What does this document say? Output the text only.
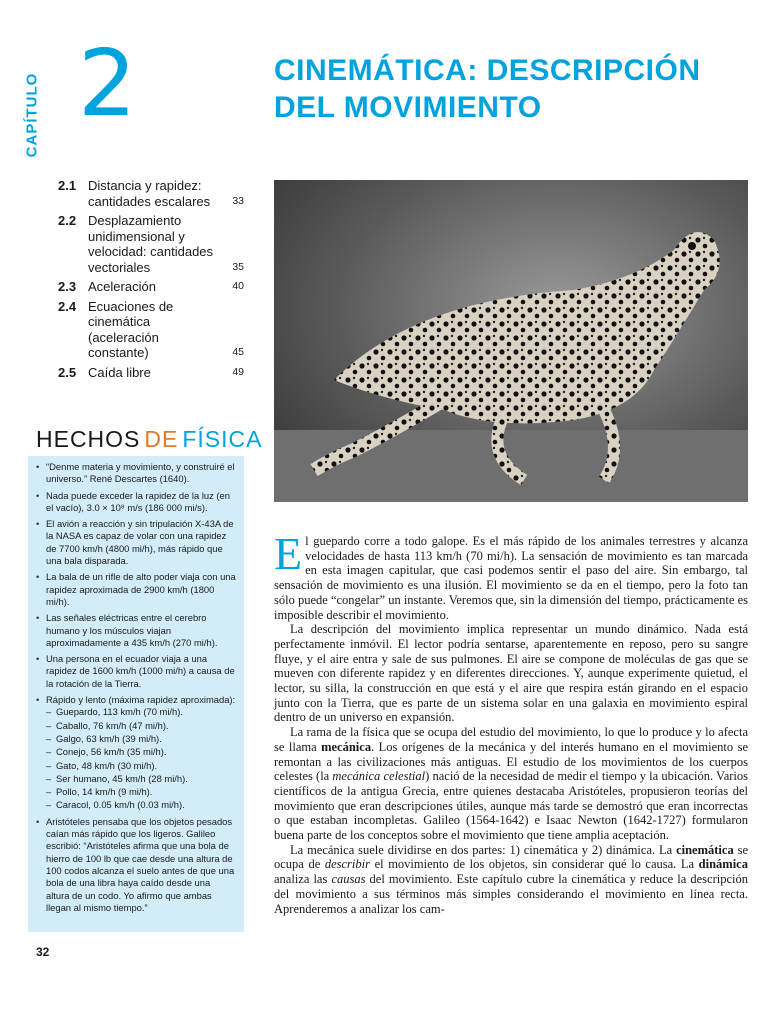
CAPÍTULO 2	CINEMÁTICA: DESCRIPCIÓN
DEL MOVIMIENTO
2.1 Distancia y rapidez: cantidades escalares	33
2.2 Desplazamiento unidimensional y velocidad: cantidades vectoriales	35
2.3 Aceleración	40
2.4 Ecuaciones de cinemática (aceleración constante)	45
2.5 Caída libre	49
HECHOS DE FÍSICA
• “Denme materia y movimiento, y construiré el universo.” René Descartes (1640).
• Nada puede exceder la rapidez de la luz (en el vacío), 3.0 × 10⁸ m/s (186 000 mi/s).
• El avión a reacción y sin tripulación X-43A de la NASA es capaz de volar con una rapidez de 7700 km/h (4800 mi/h), más rápido que una bala disparada.
• La bala de un rifle de alto poder viaja con una rapidez aproximada de 2900 km/h (1800 mi/h).
• Las señales eléctricas entre el cerebro humano y los músculos viajan aproximadamente a 435 km/h (270 mi/h).
• Una persona en el ecuador viaja a una rapidez de 1600 km/h (1000 mi/h) a causa de la rotación de la Tierra.
• Rápido y lento (máxima rapidez aproximada):
– Guepardo, 113 km/h (70 mi/h).
– Caballo, 76 km/h (47 mi/h).
– Galgo, 63 km/h (39 mi/h).
– Conejo, 56 km/h (35 mi/h).
– Gato, 48 km/h (30 mi/h).
– Ser humano, 45 km/h (28 mi/h).
– Pollo, 14 km/h (9 mi/h).
– Caracol, 0.05 km/h (0.03 mi/h).
• Aristóteles pensaba que los objetos pesados caían más rápido que los ligeros. Galileo escribió: “Aristóteles afirma que una bola de hierro de 100 lb que cae desde una altura de 100 codos alcanza el suelo antes de que una bola de una libra haya caído desde una altura de un codo. Yo afirmo que ambas llegan al mismo tiempo.”
32

El guepardo corre a todo galope. Es el más rápido de los animales terrestres y alcanza velocidades de hasta 113 km/h (70 mi/h). La sensación de movimiento es tan marcada en esta imagen capitular, que casi podemos sentir el paso del aire. Sin embargo, tal sensación de movimiento es una ilusión. El movimiento se da en el tiempo, pero la foto tan sólo puede “congelar” un instante. Veremos que, sin la dimensión del tiempo, prácticamente es imposible describir el movimiento.

La descripción del movimiento implica representar un mundo dinámico. Nada está perfectamente inmóvil. El lector podría sentarse, aparentemente en reposo, pero su sangre fluye, y el aire entra y sale de sus pulmones. El aire se compone de moléculas de gas que se mueven con diferente rapidez y en diferentes direcciones. Y, aunque experimente quietud, el lector, su silla, la construcción en que está y el aire que respira están girando en el espacio junto con la Tierra, que es parte de un sistema solar en una galaxia en movimiento espiral dentro de un universo en expansión.

La rama de la física que se ocupa del estudio del movimiento, lo que lo produce y lo afecta se llama mecánica. Los orígenes de la mecánica y del interés humano en el movimiento se remontan a las civilizaciones más antiguas. El estudio de los movimientos de los cuerpos celestes (la mecánica celestial) nació de la necesidad de medir el tiempo y la ubicación. Varios científicos de la antigua Grecia, entre quienes destacaba Aristóteles, propusieron teorías del movimiento que eran descripciones útiles, aunque más tarde se demostró que eran incorrectas o que estaban incompletas. Galileo (1564-1642) e Isaac Newton (1642-1727) formularon buena parte de los conceptos sobre el movimiento que tiene amplia aceptación.

La mecánica suele dividirse en dos partes: 1) cinemática y 2) dinámica. La cinemática se ocupa de describir el movimiento de los objetos, sin considerar qué lo causa. La dinámica analiza las causas del movimiento. Este capítulo cubre la cinemática y reduce la descripción del movimiento a sus términos más simples considerando el movimiento en línea recta. Aprenderemos a analizar los cam-
